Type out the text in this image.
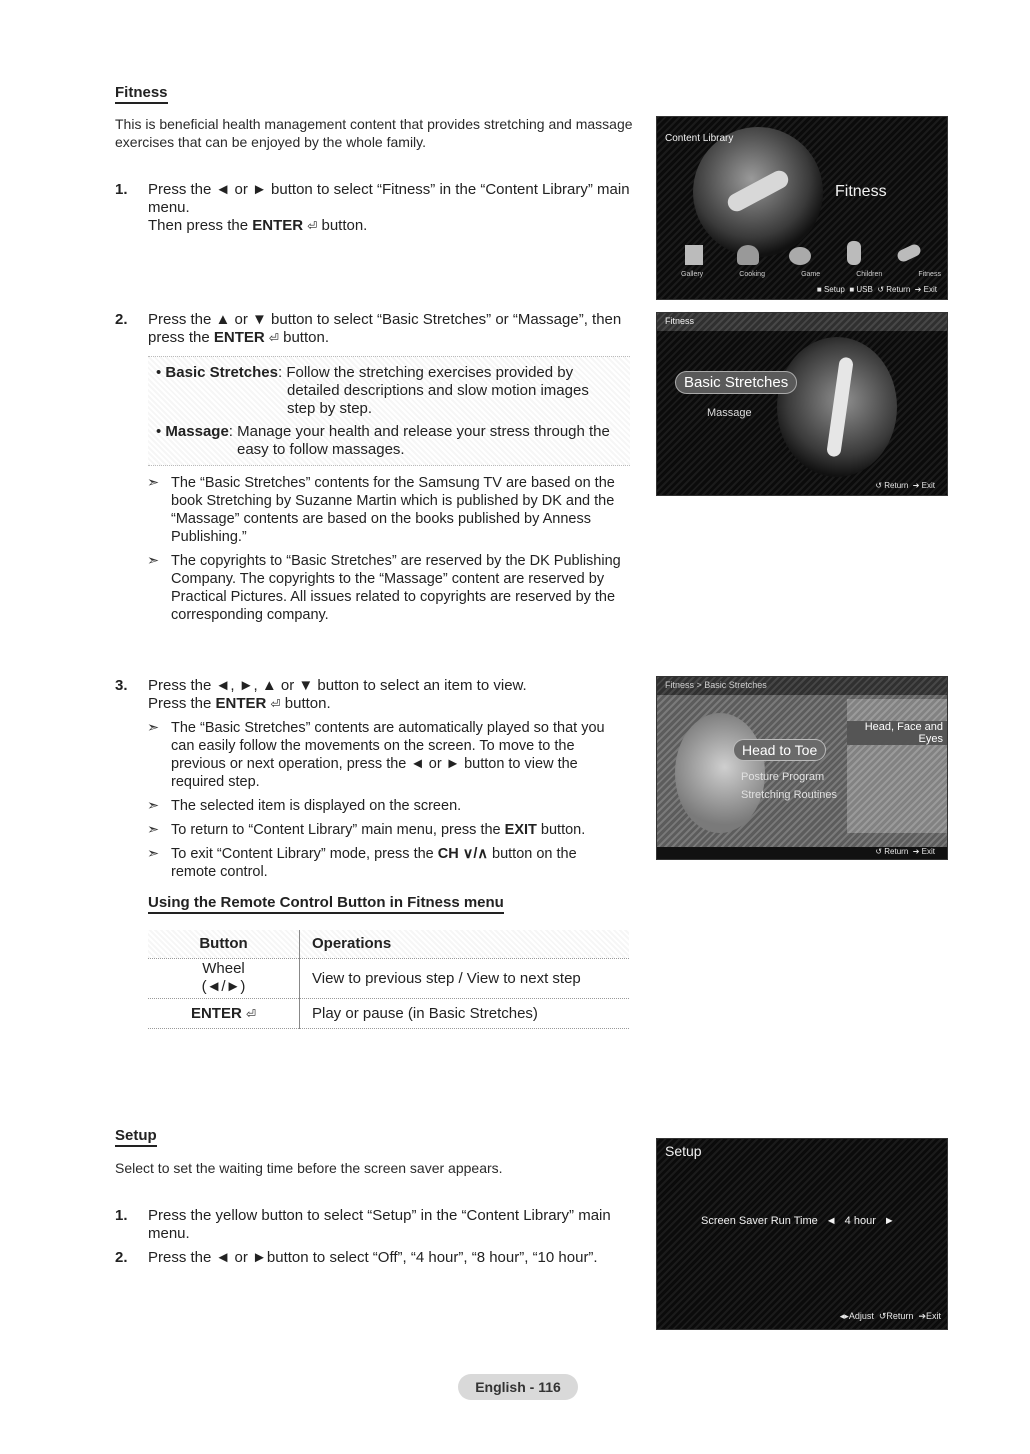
Fitness
This is beneficial health management content that provides stretching and massage exercises that can be enjoyed by the whole family.
1. Press the ◄ or ► button to select “Fitness” in the “Content Library” main menu.
Then press the ENTER ⏎ button.
2. Press the ▲ or ▼ button to select “Basic Stretches” or “Massage”, then
press the ENTER ⏎ button.
• Basic Stretches: Follow the stretching exercises provided by
detailed descriptions and slow motion images
step by step.
• Massage: Manage your health and release your stress through the
easy to follow massages.
➣ The “Basic Stretches” contents for the Samsung TV are based on the book Stretching by Suzanne Martin which is published by DK and the “Massage” contents are based on the books published by Anness Publishing.”
➣ The copyrights to “Basic Stretches” are reserved by the DK Publishing Company. The copyrights to the “Massage” content are reserved by Practical Pictures. All issues related to copyrights are reserved by the corresponding company.
3. Press the ◄, ►, ▲ or ▼ button to select an item to view.
Press the ENTER ⏎ button.
➣ The “Basic Stretches” contents are automatically played so that you can easily follow the movements on the screen. To move to the previous or next operation, press the ◄ or ► button to view the required step.
➣ The selected item is displayed on the screen.
➣ To return to “Content Library” main menu, press the EXIT button.
➣ To exit “Content Library” mode, press the CH ∨/∧ button on the remote control.
Using the Remote Control Button in Fitness menu
Button	Operations

Wheel
(◄/►)	View to previous step / View to next step
ENTER ⏎	Play or pause (in Basic Stretches)
Setup
Select to set the waiting time before the screen saver appears.
1. Press the yellow button to select “Setup” in the “Content Library” main menu.
2. Press the ◄ or ►button to select “Off”, “4 hour”, “8 hour”, “10 hour”.
Content Library
Fitness
Gallery	Cooking	Game	Children	Fitness
■ Setup ■ USB ↺ Return ➔ Exit
Fitness
Basic Stretches
Massage
↺ Return ➔ Exit
Fitness > Basic Stretches
Head, Face and Eyes
Head to Toe
Posture Program
Stretching Routines
↺ Return ➔ Exit
Setup
Screen Saver Run Time ◄ 4 hour ►
◂▸Adjust ↺Return ➔Exit
English - 116
